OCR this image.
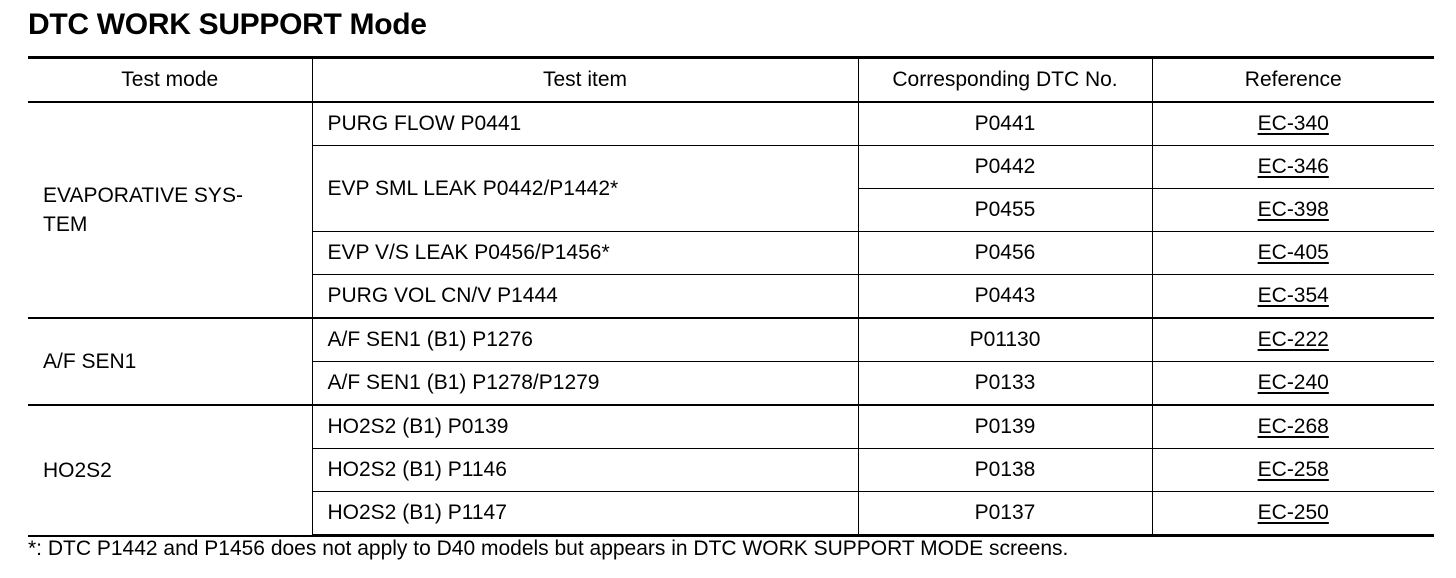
DTC WORK SUPPORT Mode
Test mode	Test item	Corresponding DTC No.	Reference

EVAPORATIVE SYS-TEM	PURG FLOW P0441	P0441	EC-340
	EVP SML LEAK P0442/P1442*	P0442	EC-346
		P0455	EC-398
	EVP V/S LEAK P0456/P1456*	P0456	EC-405
	PURG VOL CN/V P1444	P0443	EC-354

A/F SEN1	A/F SEN1 (B1) P1276	P01130	EC-222
	A/F SEN1 (B1) P1278/P1279	P0133	EC-240

HO2S2	HO2S2 (B1) P0139	P0139	EC-268
	HO2S2 (B1) P1146	P0138	EC-258
	HO2S2 (B1) P1147	P0137	EC-250
*: DTC P1442 and P1456 does not apply to D40 models but appears in DTC WORK SUPPORT MODE screens.
